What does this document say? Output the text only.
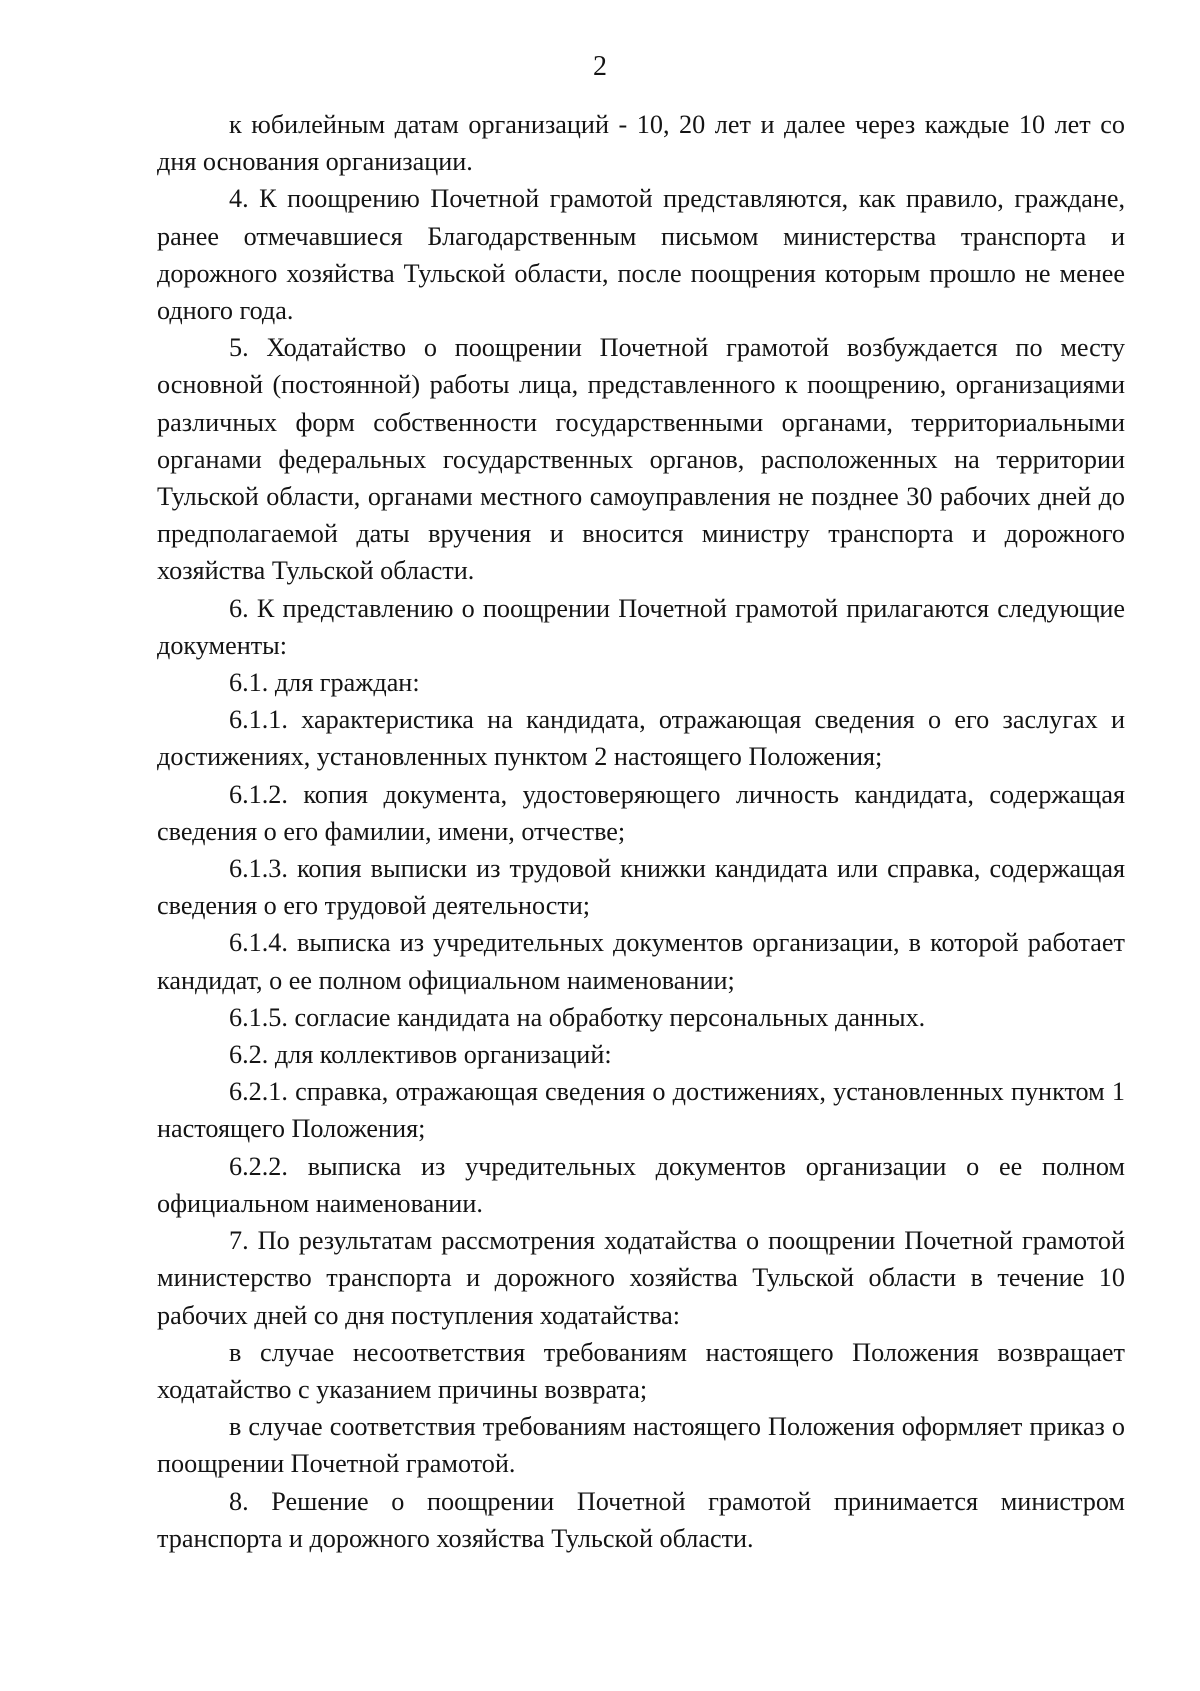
2

к юбилейным датам организаций - 10, 20 лет и далее через каждые 10 лет со дня основания организации.

4. К поощрению Почетной грамотой представляются, как правило, граждане, ранее отмечавшиеся Благодарственным письмом министерства транспорта и дорожного хозяйства Тульской области, после поощрения которым прошло не менее одного года.

5. Ходатайство о поощрении Почетной грамотой возбуждается по месту основной (постоянной) работы лица, представленного к поощрению, организациями различных форм собственности государственными органами, территориальными органами федеральных государственных органов, расположенных на территории Тульской области, органами местного самоуправления не позднее 30 рабочих дней до предполагаемой даты вручения и вносится министру транспорта и дорожного хозяйства Тульской области.

6. К представлению о поощрении Почетной грамотой прилагаются следующие документы:

6.1. для граждан:

6.1.1. характеристика на кандидата, отражающая сведения о его заслугах и достижениях, установленных пунктом 2 настоящего Положения;

6.1.2. копия документа, удостоверяющего личность кандидата, содержащая сведения о его фамилии, имени, отчестве;

6.1.3. копия выписки из трудовой книжки кандидата или справка, содержащая сведения о его трудовой деятельности;

6.1.4. выписка из учредительных документов организации, в которой работает кандидат, о ее полном официальном наименовании;

6.1.5. согласие кандидата на обработку персональных данных.

6.2. для коллективов организаций:

6.2.1. справка, отражающая сведения о достижениях, установленных пунктом 1 настоящего Положения;

6.2.2. выписка из учредительных документов организации о ее полном официальном наименовании.

7. По результатам рассмотрения ходатайства о поощрении Почетной грамотой министерство транспорта и дорожного хозяйства Тульской области в течение 10 рабочих дней со дня поступления ходатайства:

в случае несоответствия требованиям настоящего Положения возвращает ходатайство с указанием причины возврата;

в случае соответствия требованиям настоящего Положения оформляет приказ о поощрении Почетной грамотой.

8. Решение о поощрении Почетной грамотой принимается министром транспорта и дорожного хозяйства Тульской области.
